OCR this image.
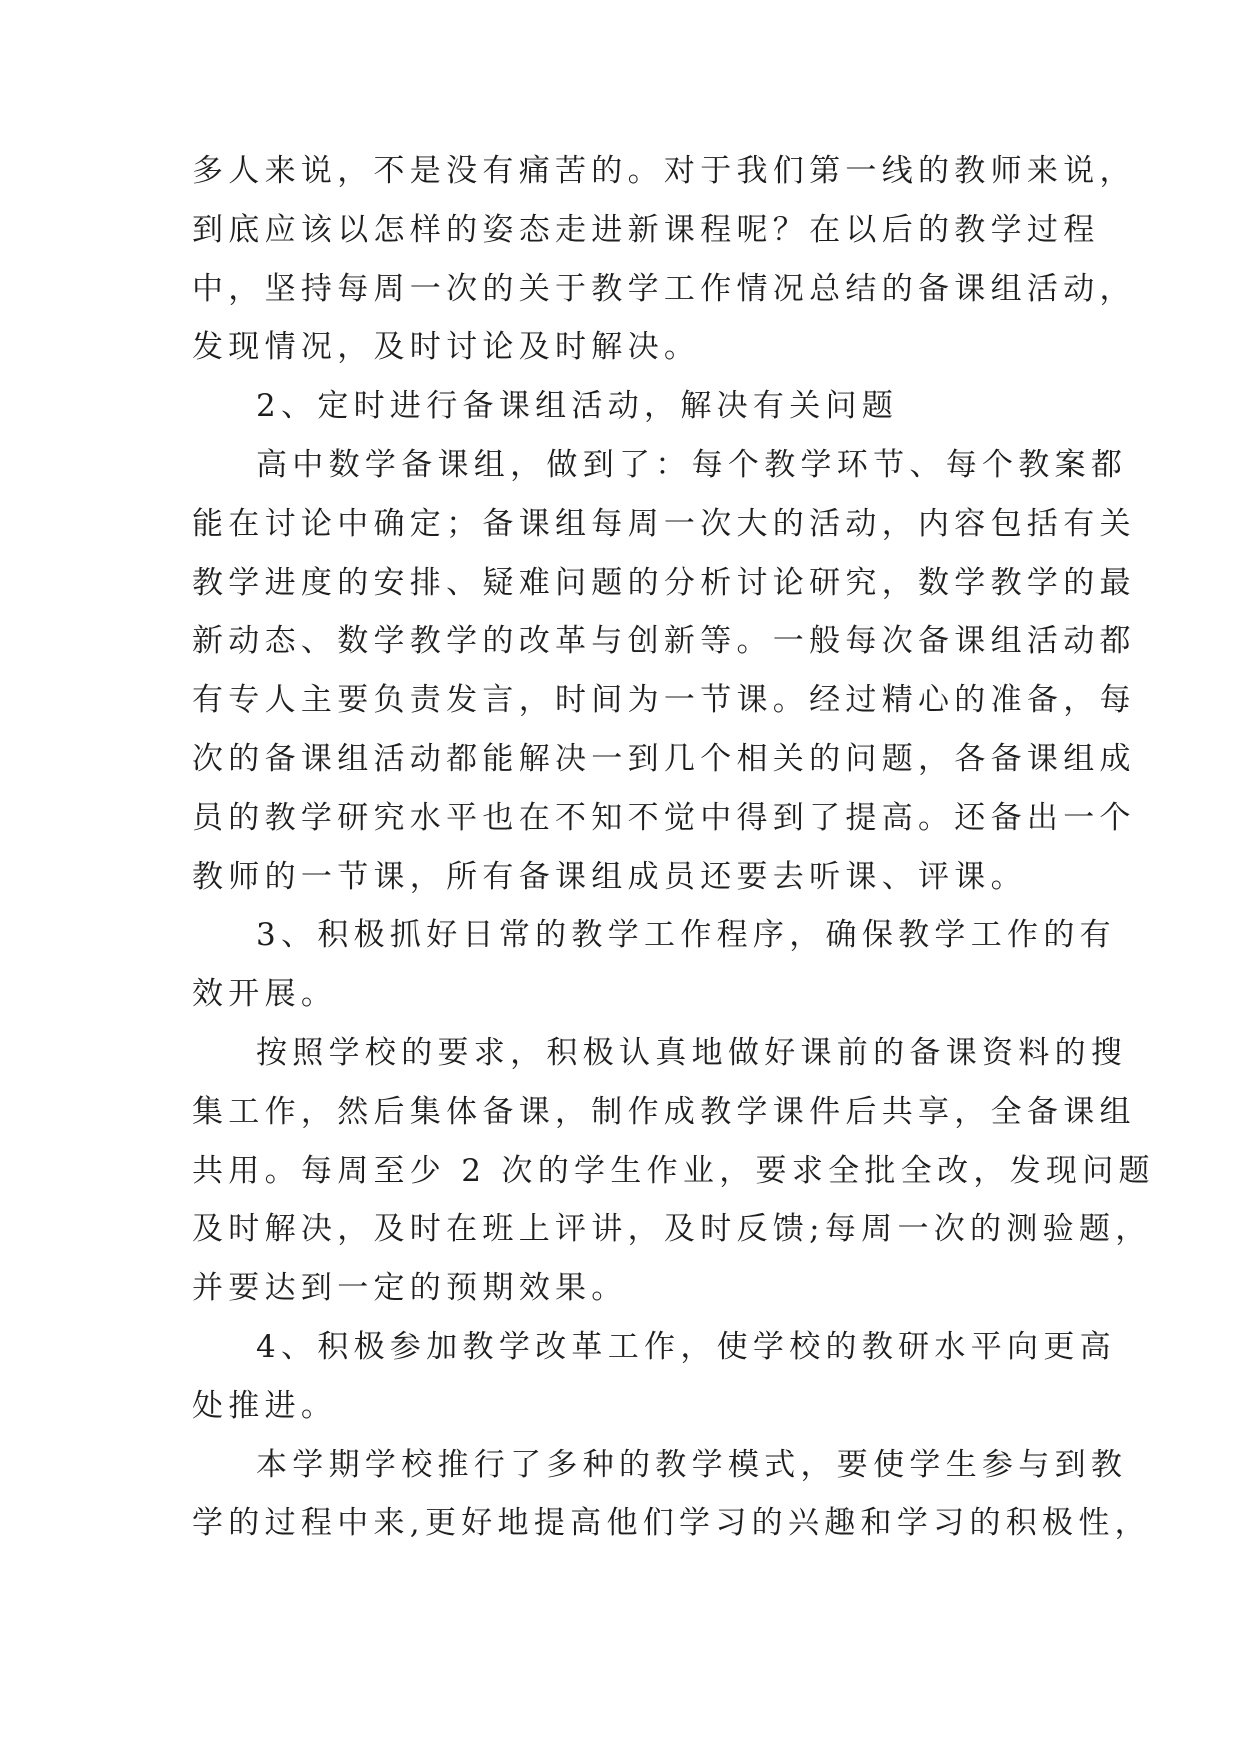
多人来说，不是没有痛苦的。对于我们第一线的教师来说，
到底应该以怎样的姿态走进新课程呢？在以后的教学过程
中，坚持每周一次的关于教学工作情况总结的备课组活动，
发现情况，及时讨论及时解决。
2、定时进行备课组活动，解决有关问题
高中数学备课组，做到了：每个教学环节、每个教案都
能在讨论中确定；备课组每周一次大的活动，内容包括有关
教学进度的安排、疑难问题的分析讨论研究，数学教学的最
新动态、数学教学的改革与创新等。一般每次备课组活动都
有专人主要负责发言，时间为一节课。经过精心的准备，每
次的备课组活动都能解决一到几个相关的问题，各备课组成
员的教学研究水平也在不知不觉中得到了提高。还备出一个
教师的一节课，所有备课组成员还要去听课、评课。
3、积极抓好日常的教学工作程序，确保教学工作的有
效开展。
按照学校的要求，积极认真地做好课前的备课资料的搜
集工作，然后集体备课，制作成教学课件后共享，全备课组
共用。每周至少 2 次的学生作业，要求全批全改，发现问题
及时解决，及时在班上评讲，及时反馈;每周一次的测验题，
并要达到一定的预期效果。
4、积极参加教学改革工作，使学校的教研水平向更高
处推进。
本学期学校推行了多种的教学模式，要使学生参与到教
学的过程中来,更好地提高他们学习的兴趣和学习的积极性，
